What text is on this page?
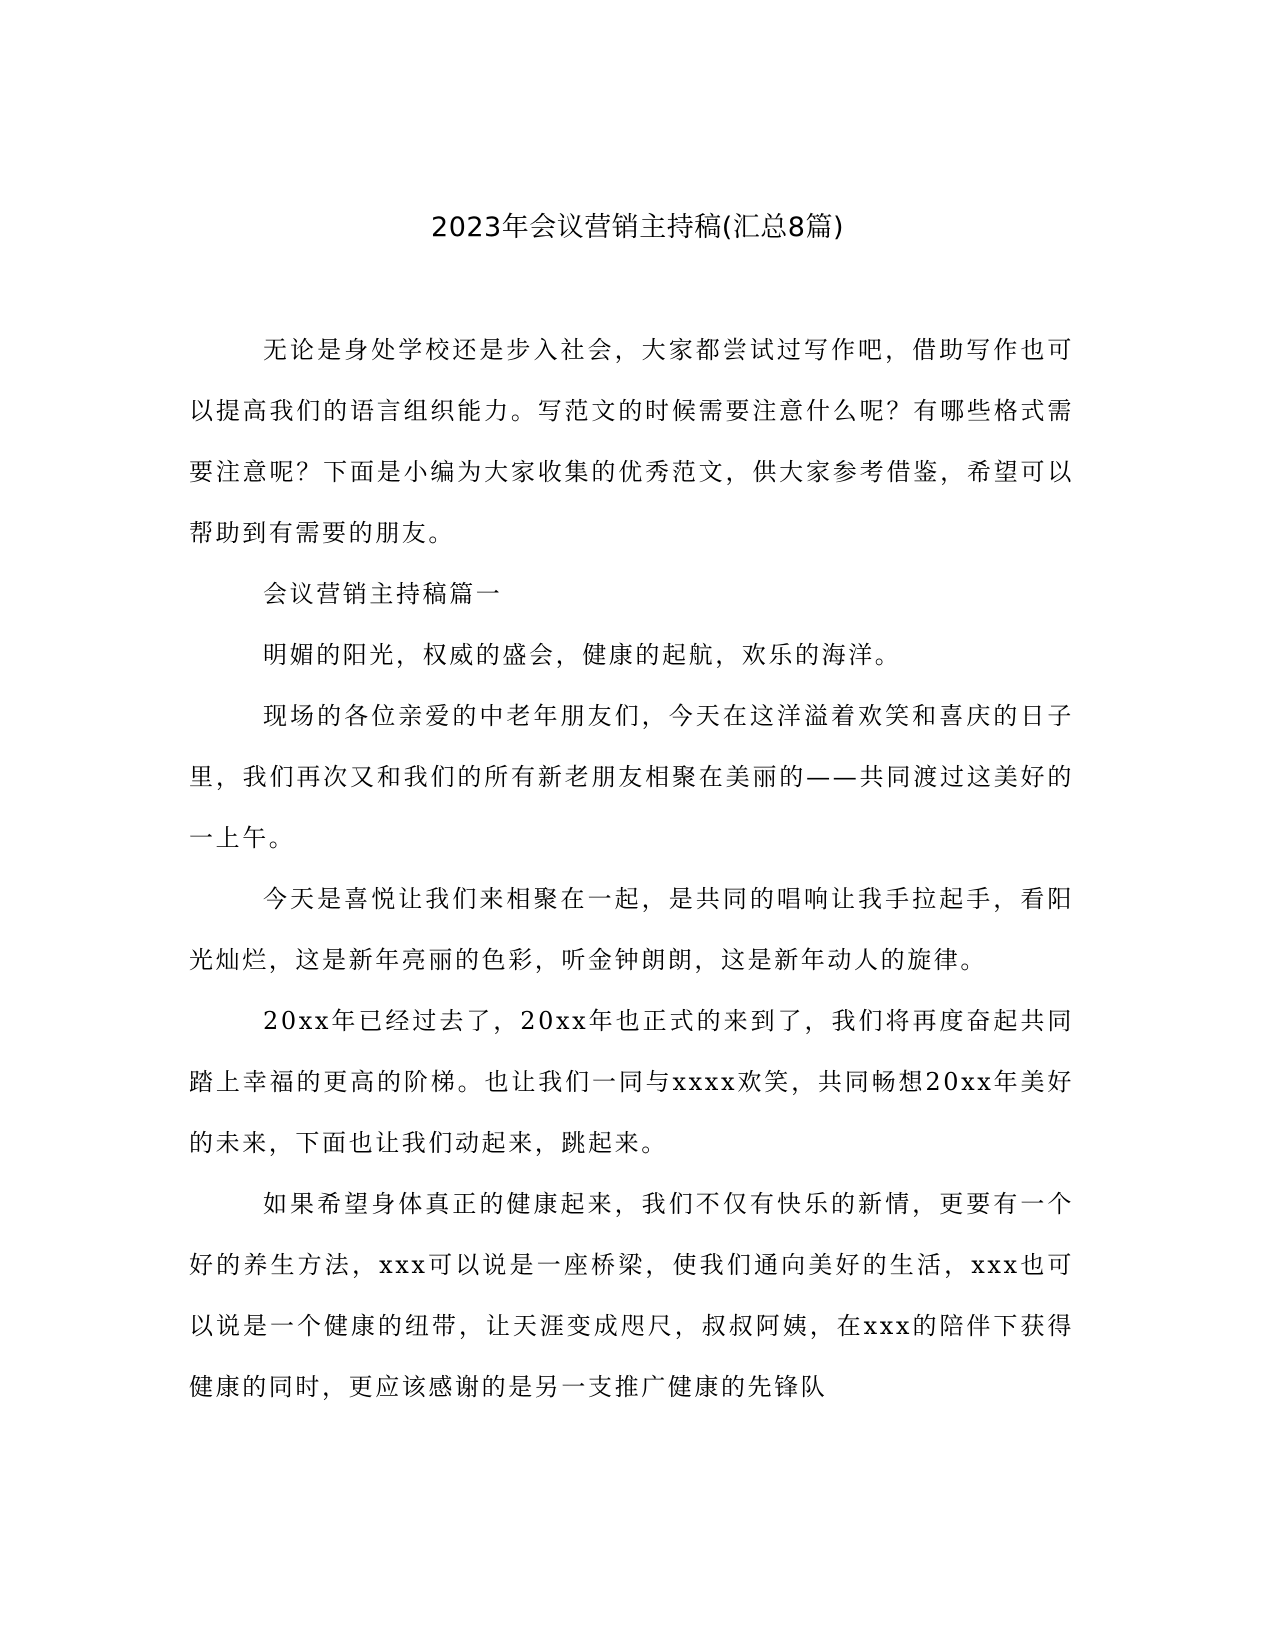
2023年会议营销主持稿(汇总8篇)

无论是身处学校还是步入社会，大家都尝试过写作吧，借助写作也可以提高我们的语言组织能力。写范文的时候需要注意什么呢？有哪些格式需要注意呢？下面是小编为大家收集的优秀范文，供大家参考借鉴，希望可以帮助到有需要的朋友。

会议营销主持稿篇一

明媚的阳光，权威的盛会，健康的起航，欢乐的海洋。

现场的各位亲爱的中老年朋友们，今天在这洋溢着欢笑和喜庆的日子里，我们再次又和我们的所有新老朋友相聚在美丽的——共同渡过这美好的一上午。

今天是喜悦让我们来相聚在一起，是共同的唱响让我手拉起手，看阳光灿烂，这是新年亮丽的色彩，听金钟朗朗，这是新年动人的旋律。

20xx年已经过去了，20xx年也正式的来到了，我们将再度奋起共同踏上幸福的更高的阶梯。也让我们一同与xxxx欢笑，共同畅想20xx年美好的未来，下面也让我们动起来，跳起来。

如果希望身体真正的健康起来，我们不仅有快乐的新情，更要有一个好的养生方法，xxx可以说是一座桥梁，使我们通向美好的生活，xxx也可以说是一个健康的纽带，让天涯变成咫尺，叔叔阿姨，在xxx的陪伴下获得健康的同时，更应该感谢的是另一支推广健康的先锋队
